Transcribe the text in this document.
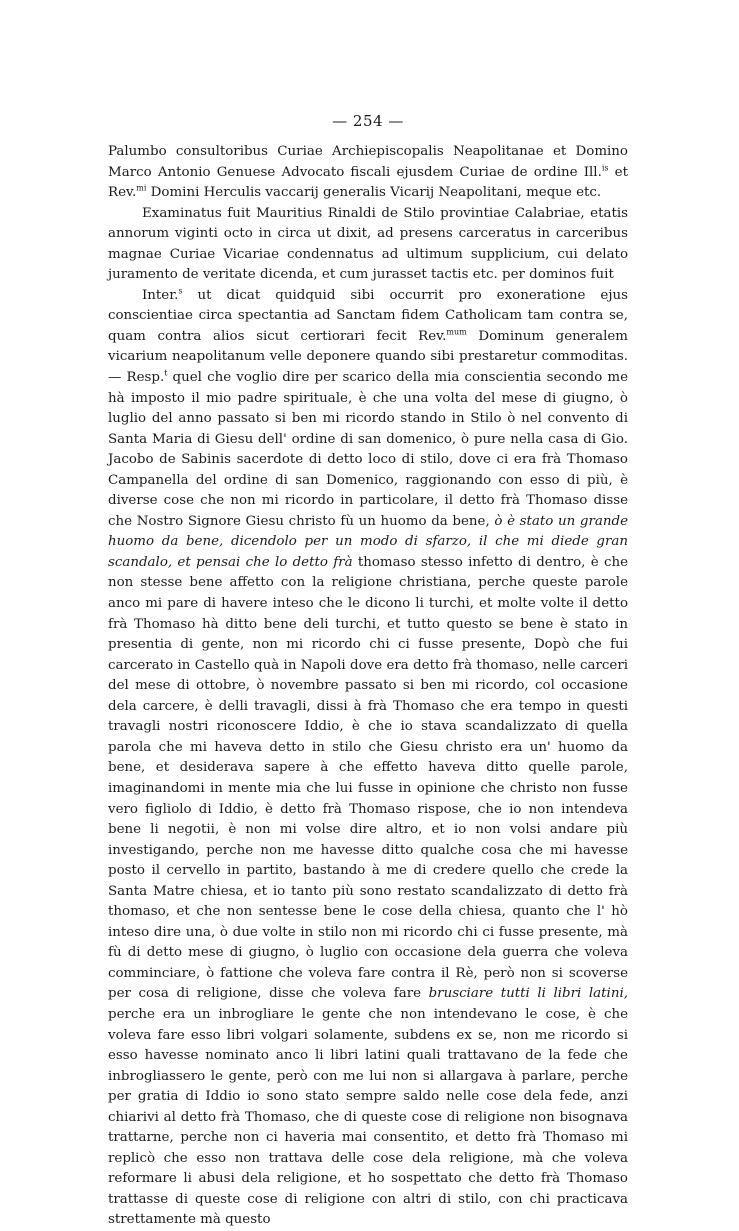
— 254 —

Palumbo consultoribus Curiae Archiepiscopalis Neapolitanae et Domino Marco Antonio Genuese Advocato fiscali ejusdem Curiae de ordine Ill.$^{is}$ et Rev.$^{mi}$ Domini Herculis vaccarij generalis Vicarij Neapolitani, meque etc.

Examinatus fuit Mauritius Rinaldi de Stilo provintiae Calabriae, etatis annorum viginti octo in circa ut dixit, ad presens carceratus in carceribus magnae Curiae Vicariae condennatus ad ultimum supplicium, cui delato juramento de veritate dicenda, et cum jurasset tactis etc. per dominos fuit

Inter.$^s$ ut dicat quidquid sibi occurrit pro exoneratione ejus conscientiae circa spectantia ad Sanctam fidem Catholicam tam contra se, quam contra alios sicut certiorari fecit Rev.$^{mum}$ Dominum generalem vicarium neapolitanum velle deponere quando sibi prestaretur commoditas. — Resp.$^t$ quel che voglio dire per scarico della mia conscientia secondo me hà imposto il mio padre spirituale, è che una volta del mese di giugno, ò luglio del anno passato si ben mi ricordo stando in Stilo ò nel convento di Santa Maria di Giesu dell' ordine di san domenico, ò pure nella casa di Gio. Jacobo de Sabinis sacerdote di detto loco di stilo, dove ci era frà Thomaso Campanella del ordine di san Domenico, raggionando con esso di più, è diverse cose che non mi ricordo in particolare, il detto frà Thomaso disse che Nostro Signore Giesu christo fù un huomo da bene, ò è stato un grande huomo da bene, dicendolo per un modo di sfarzo, il che mi diede gran scandalo, et pensai che lo detto frà thomaso stesso infetto di dentro, è che non stesse bene affetto con la religione christiana, perche queste parole anco mi pare di havere inteso che le dicono li turchi, et molte volte il detto frà Thomaso hà ditto bene deli turchi, et tutto questo se bene è stato in presentia di gente, non mi ricordo chi ci fusse presente, Dopò che fui carcerato in Castello quà in Napoli dove era detto frà thomaso, nelle carceri del mese di ottobre, ò novembre passato si ben mi ricordo, col occasione dela carcere, è delli travagli, dissi à frà Thomaso che era tempo in questi travagli nostri riconoscere Iddio, è che io stava scandalizzato di quella parola che mi haveva detto in stilo che Giesu christo era un' huomo da bene, et desiderava sapere à che effetto haveva ditto quelle parole, imaginandomi in mente mia che lui fusse in opinione che christo non fusse vero figliolo di Iddio, è detto frà Thomaso rispose, che io non intendeva bene li negotii, è non mi volse dire altro, et io non volsi andare più investigando, perche non me havesse ditto qualche cosa che mi havesse posto il cervello in partito, bastando à me di credere quello che crede la Santa Matre chiesa, et io tanto più sono restato scandalizzato di detto frà thomaso, et che non sentesse bene le cose della chiesa, quanto che l' hò inteso dire una, ò due volte in stilo non mi ricordo chi ci fusse presente, mà fù di detto mese di giugno, ò luglio con occasione dela guerra che voleva comminciare, ò fattione che voleva fare contra il Rè, però non si scoverse per cosa di religione, disse che voleva fare brusciare tutti li libri latini, perche era un inbrogliare le gente che non intendevano le cose, è che voleva fare esso libri volgari solamente, subdens ex se, non me ricordo si esso havesse nominato anco li libri latini quali trattavano de la fede che inbrogliassero le gente, però con me lui non si allargava à parlare, perche per gratia di Iddio io sono stato sempre saldo nelle cose dela fede, anzi chiarivi al detto frà Thomaso, che di queste cose di religione non bisognava trattarne, perche non ci haveria mai consentito, et detto frà Thomaso mi replicò che esso non trattava delle cose dela religione, mà che voleva reformare li abusi dela religione, et ho sospettato che detto frà Thomaso trattasse di queste cose di religione con altri di stilo, con chi practicava strettamente mà questo
